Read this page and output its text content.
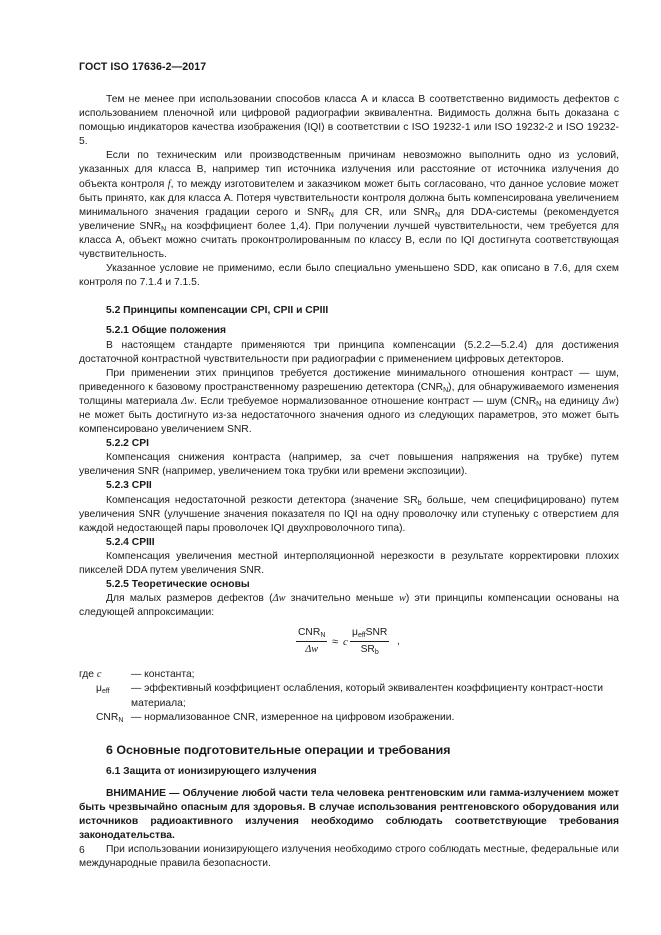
ГОСТ ISO 17636-2—2017

Тем не менее при использовании способов класса А и класса В соответственно видимость дефектов с использованием пленочной или цифровой радиографии эквивалентна. Видимость должна быть доказана с помощью индикаторов качества изображения (IQI) в соответствии с ISO 19232-1 или ISO 19232-2 и ISO 19232-5.

Если по техническим или производственным причинам невозможно выполнить одно из условий, указанных для класса В, например тип источника излучения или расстояние от источника излучения до объекта контроля f, то между изготовителем и заказчиком может быть согласовано, что данное условие может быть принято, как для класса А. Потеря чувствительности контроля должна быть компенсирована увеличением минимального значения градации серого и $SNR_N$ для CR, или $SNR_N$ для DDA-системы (рекомендуется увеличение $SNR_N$ на коэффициент более 1,4). При получении лучшей чувствительности, чем требуется для класса А, объект можно считать проконтролированным по классу В, если по IQI достигнута соответствующая чувствительность.

Указанное условие не применимо, если было специально уменьшено SDD, как описано в 7.6, для схем контроля по 7.1.4 и 7.1.5.

5.2 Принципы компенсации CPI, CPII и CPIII

5.2.1 Общие положения

В настоящем стандарте применяются три принципа компенсации (5.2.2—5.2.4) для достижения достаточной контрастной чувствительности при радиографии с применением цифровых детекторов.

При применении этих принципов требуется достижение минимального отношения контраст — шум, приведенного к базовому пространственному разрешению детектора $(CNR_N)$, для обнаруживаемого изменения толщины материала Δw. Если требуемое нормализованное отношение контраст — шум ($CNR_N$ на единицу Δw) не может быть достигнуто из-за недостаточного значения одного из следующих параметров, это может быть компенсировано увеличением SNR.

5.2.2 CPI

Компенсация снижения контраста (например, за счет повышения напряжения на трубке) путем увеличения SNR (например, увеличением тока трубки или времени экспозиции).

5.2.3 CPII

Компенсация недостаточной резкости детектора (значение $SR_b$ больше, чем специфицировано) путем увеличения SNR (улучшение значения показателя по IQI на одну проволочку или ступеньку с отверстием для каждой недостающей пары проволочек IQI двухпроволочного типа).

5.2.4 CPIII

Компенсация увеличения местной интерполяционной нерезкости в результате корректировки плохих пикселей DDA путем увеличения SNR.

5.2.5 Теоретические основы

Для малых размеров дефектов (Δw значительно меньше w) эти принципы компенсации основаны на следующей аппроксимации:

$CNR_N$
Δw
≈ c
$\mu_{eff}SNR$
$SR_b$
,
где c	— константа;
$\mu_{eff}$	— эффективный коэффициент ослабления, который эквивалентен коэффициенту контраст-ности материала;
$CNR_N$ — нормализованное CNR, измеренное на цифровом изображении.

6 Основные подготовительные операции и требования

6.1 Защита от ионизирующего излучения

ВНИМАНИЕ — Облучение любой части тела человека рентгеновским или гамма-излучением может быть чрезвычайно опасным для здоровья. В случае использования рентгеновского оборудования или источников радиоактивного излучения необходимо соблюдать соответствующие требования законодательства.

При использовании ионизирующего излучения необходимо строго соблюдать местные, федеральные или международные правила безопасности.

6
